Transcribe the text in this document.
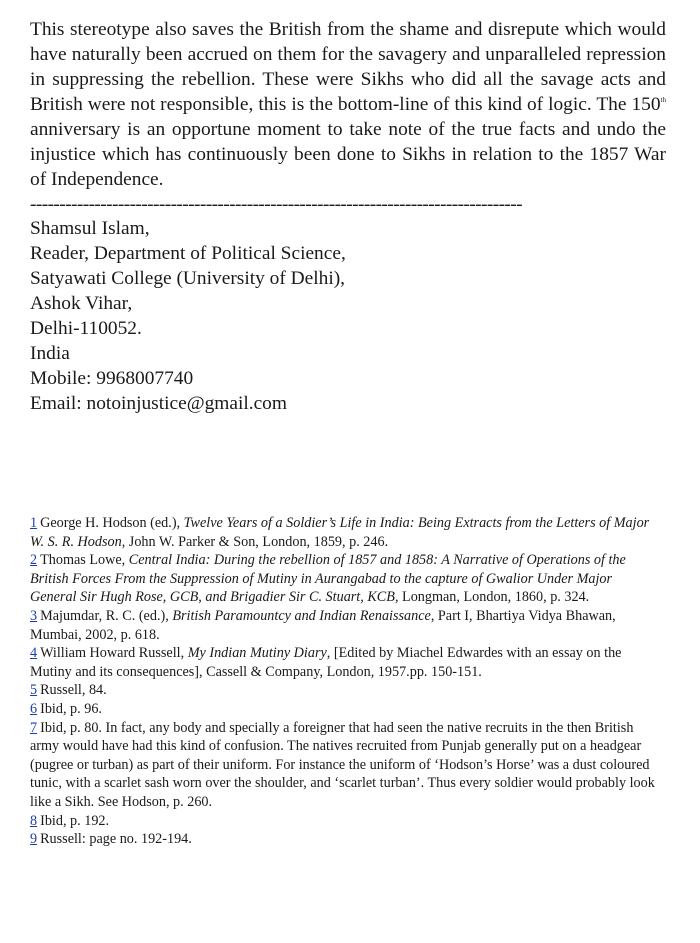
This stereotype also saves the British from the shame and disrepute which would have naturally been accrued on them for the savagery and unparalleled repression in suppressing the rebellion. These were Sikhs who did all the savage acts and British were not responsible, this is the bottom-line of this kind of logic. The 150th anniversary is an opportune moment to take note of the true facts and undo the injustice which has continuously been done to Sikhs in relation to the 1857 War of Independence.

------------------------------------------------------------------------------------
Shamsul Islam,
Reader, Department of Political Science,
Satyawati College (University of Delhi),
Ashok Vihar,
Delhi-110052.
India
Mobile: 9968007740
Email: notoinjustice@gmail.com

1 George H. Hodson (ed.), Twelve Years of a Soldier’s Life in India: Being Extracts from the Letters of Major W. S. R. Hodson, John W. Parker & Son, London, 1859, p. 246.

2 Thomas Lowe, Central India: During the rebellion of 1857 and 1858: A Narrative of Operations of the British Forces From the Suppression of Mutiny in Aurangabad to the capture of Gwalior Under Major General Sir Hugh Rose, GCB, and Brigadier Sir C. Stuart, KCB, Longman, London, 1860, p. 324.

3 Majumdar, R. C. (ed.), British Paramountcy and Indian Renaissance, Part I, Bhartiya Vidya Bhawan, Mumbai, 2002, p. 618.

4 William Howard Russell, My Indian Mutiny Diary, [Edited by Miachel Edwardes with an essay on the Mutiny and its consequences], Cassell & Company, London, 1957.pp. 150-151.

5 Russell, 84.

6 Ibid, p. 96.

7 Ibid, p. 80. In fact, any body and specially a foreigner that had seen the native recruits in the then British army would have had this kind of confusion. The natives recruited from Punjab generally put on a headgear (pugree or turban) as part of their uniform. For instance the uniform of ‘Hodson’s Horse’ was a dust coloured tunic, with a scarlet sash worn over the shoulder, and ‘scarlet turban’. Thus every soldier would probably look like a Sikh. See Hodson, p. 260.

8 Ibid, p. 192.

9 Russell: page no. 192-194.
